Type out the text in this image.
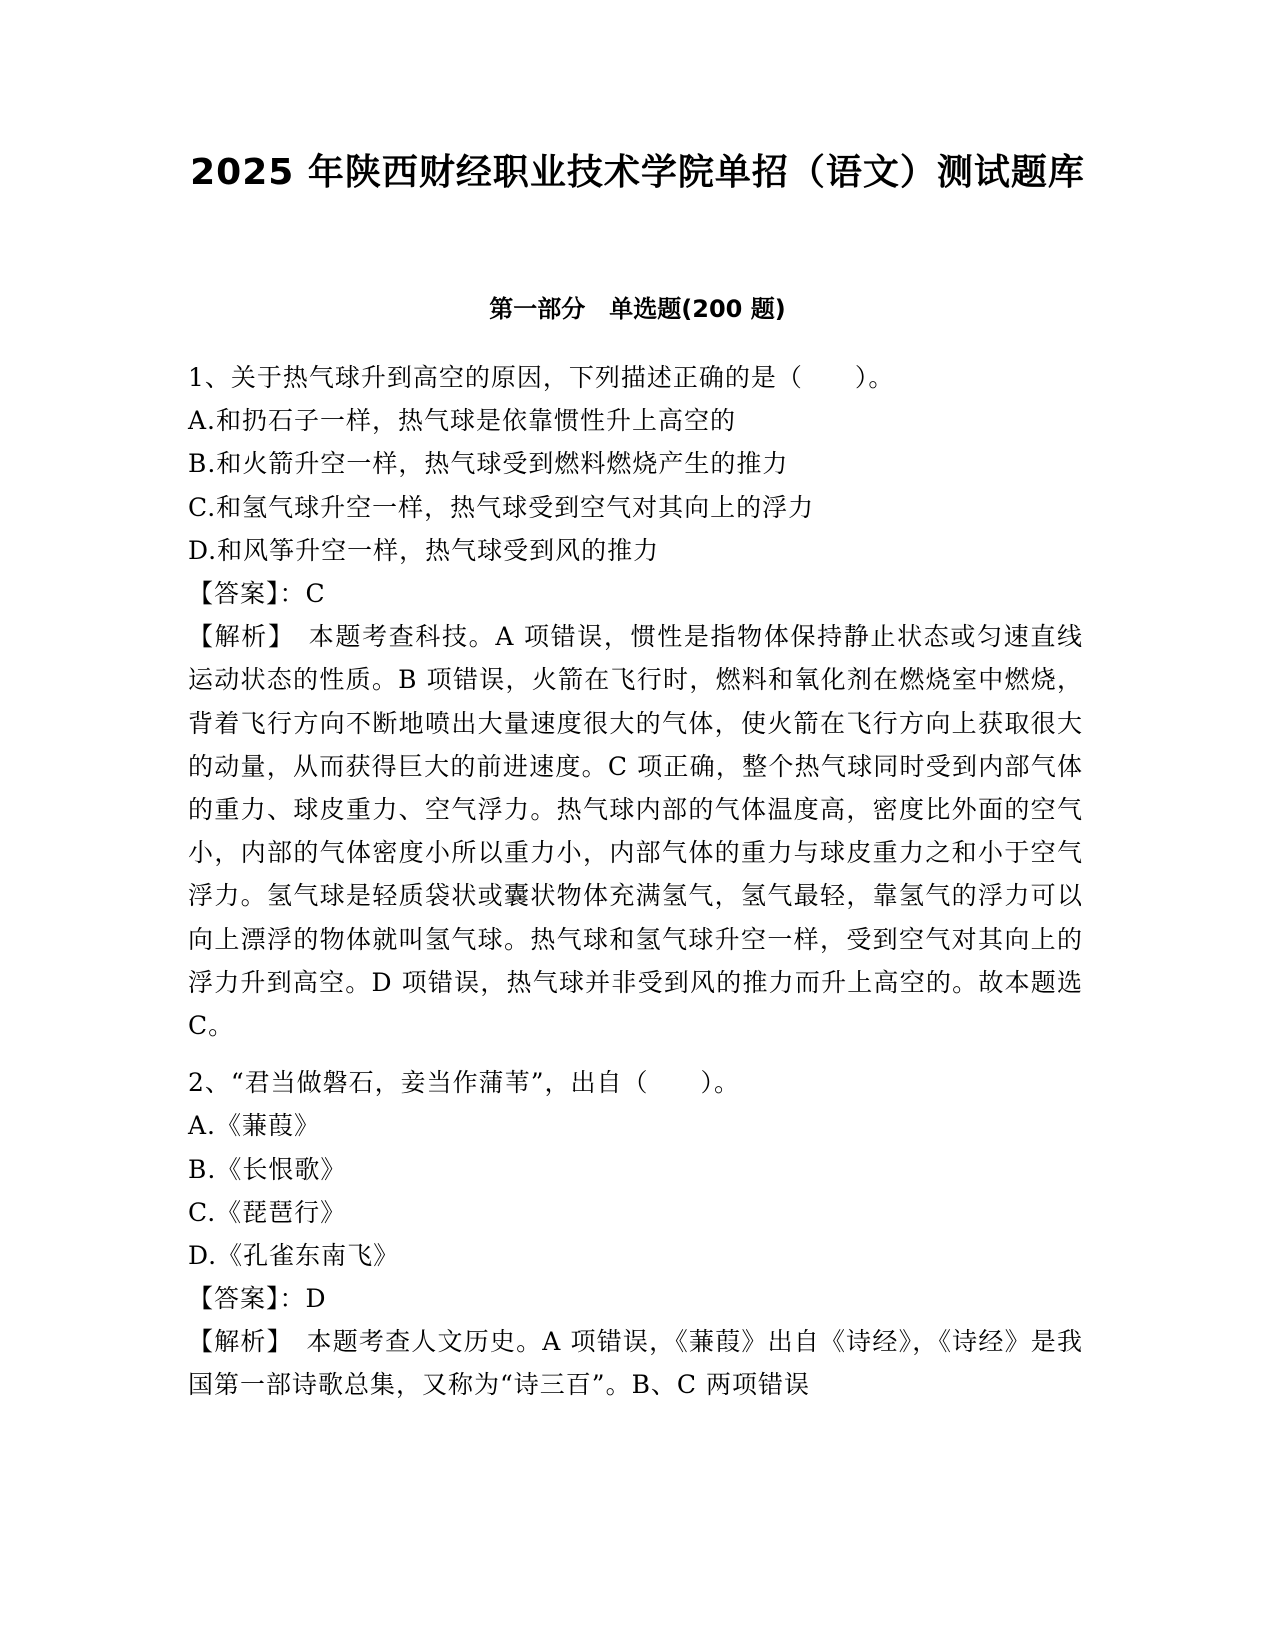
2025 年陕西财经职业技术学院单招（语文）测试题库
第一部分　单选题(200 题)
1、关于热气球升到高空的原因，下列描述正确的是（　　）。
A.和扔石子一样，热气球是依靠惯性升上高空的
B.和火箭升空一样，热气球受到燃料燃烧产生的推力
C.和氢气球升空一样，热气球受到空气对其向上的浮力
D.和风筝升空一样，热气球受到风的推力
【答案】：C

【解析】　本题考查科技。A 项错误，惯性是指物体保持静止状态或匀速直线运动状态的性质。B 项错误，火箭在飞行时，燃料和氧化剂在燃烧室中燃烧，背着飞行方向不断地喷出大量速度很大的气体，使火箭在飞行方向上获取很大的动量，从而获得巨大的前进速度。C 项正确，整个热气球同时受到内部气体的重力、球皮重力、空气浮力。热气球内部的气体温度高，密度比外面的空气小，内部的气体密度小所以重力小，内部气体的重力与球皮重力之和小于空气浮力。氢气球是轻质袋状或囊状物体充满氢气，氢气最轻，靠氢气的浮力可以向上漂浮的物体就叫氢气球。热气球和氢气球升空一样，受到空气对其向上的浮力升到高空。D 项错误，热气球并非受到风的推力而升上高空的。故本题选 C。

2、“君当做磐石，妾当作蒲苇”，出自（　　）。
A.《蒹葭》
B.《长恨歌》
C.《琵琶行》
D.《孔雀东南飞》
【答案】：D

【解析】　本题考查人文历史。A 项错误，《蒹葭》出自《诗经》，《诗经》是我国第一部诗歌总集，又称为“诗三百”。B、C 两项错误
